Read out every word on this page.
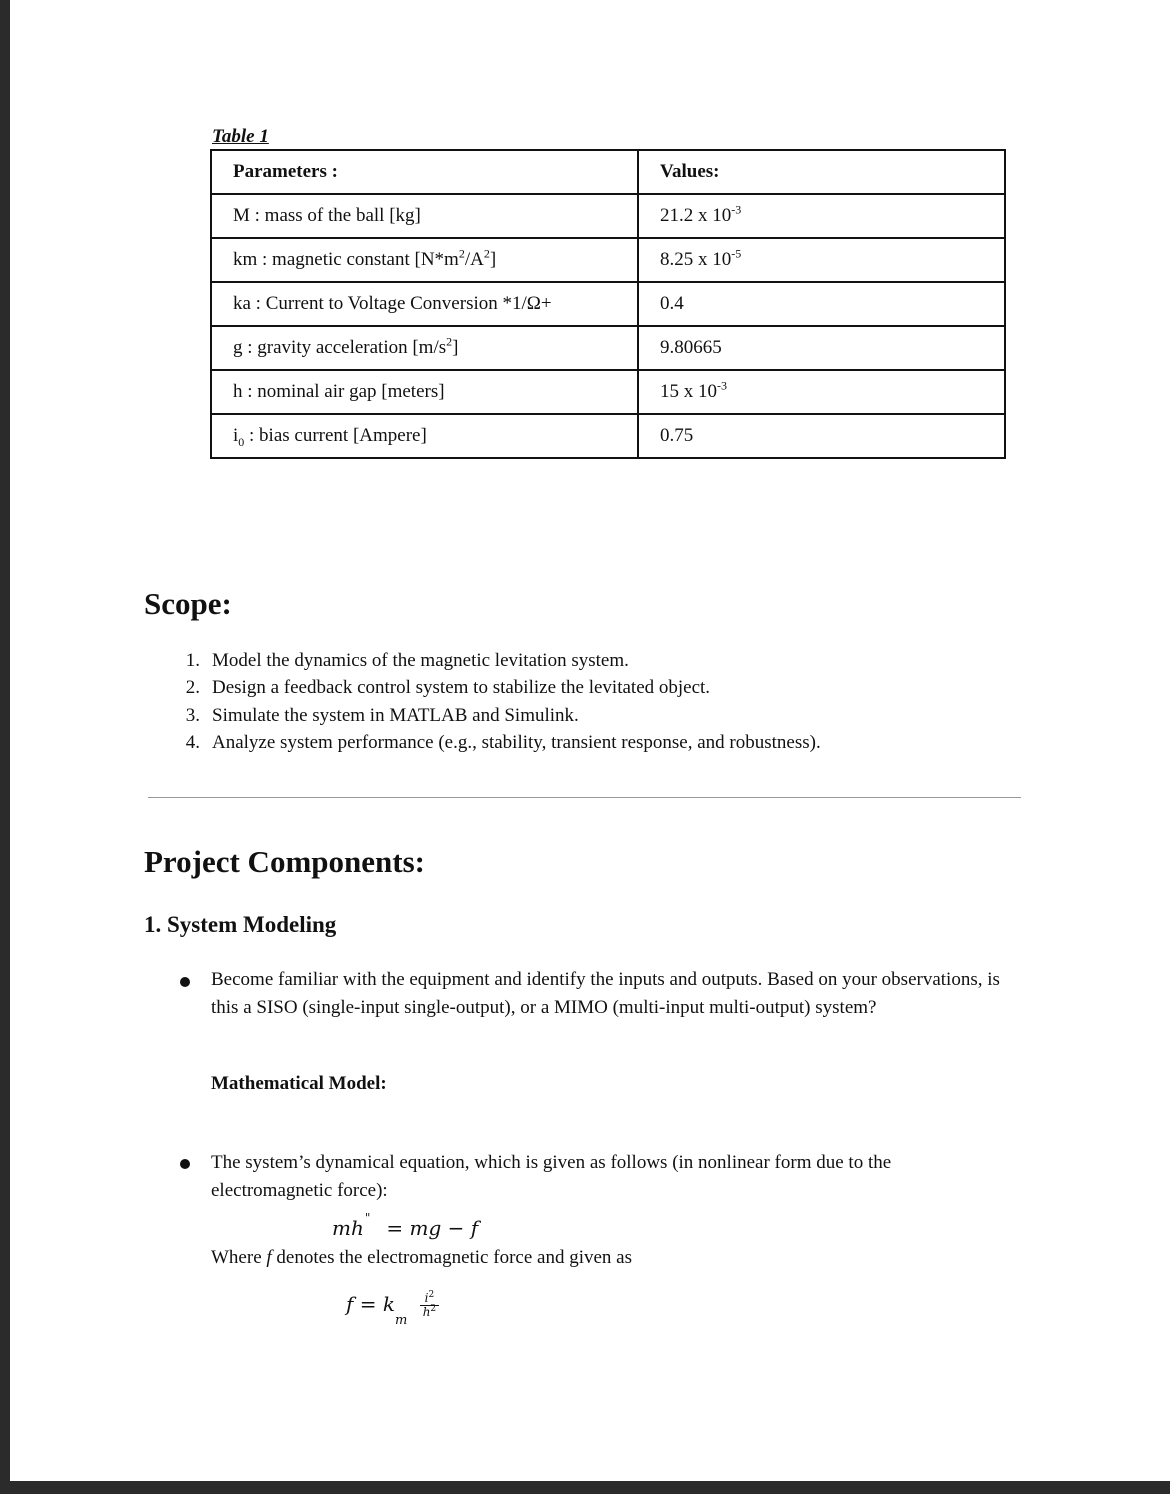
Table 1
Parameters :	Values:
M : mass of the ball [kg]	21.2 x $10^{-3}$
km : magnetic constant $[N*m^2/A^2]$	8.25 x $10^{-5}$
ka : Current to Voltage Conversion *1/Ω+	0.4
g : gravity acceleration $[m/s^2]$	9.80665
h : nominal air gap [meters]	15 x $10^{-3}$
$i_0$ : bias current [Ampere]	0.75
Scope:
1. Model the dynamics of the magnetic levitation system.
2. Design a feedback control system to stabilize the levitated object.
3. Simulate the system in MATLAB and Simulink.
4. Analyze system performance (e.g., stability, transient response, and robustness).
Project Components:
1. System Modeling
Become familiar with the equipment and identify the inputs and outputs. Based on your observations, is this a SISO (single-input single-output), or a MIMO (multi-input multi-output) system?
Mathematical Model:
The system’s dynamical equation, which is given as follows (in nonlinear form due to the electromagnetic force):
mh" = mg − f
Where f denotes the electromagnetic force and given as
$f = k_m$
$\frac{i^2}{h^2}$
